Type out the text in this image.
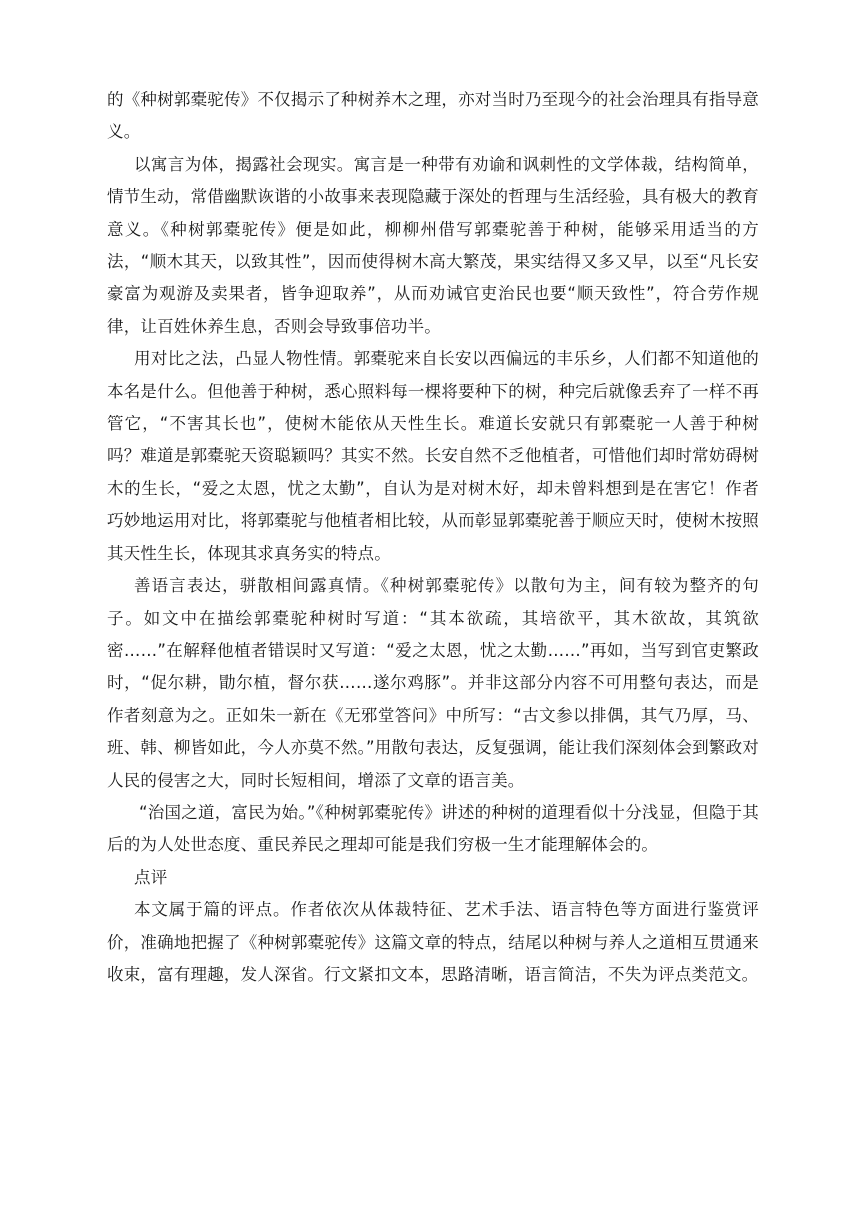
的《种树郭橐驼传》不仅揭示了种树养木之理，亦对当时乃至现今的社会治理具有指导意义。

以寓言为体，揭露社会现实。寓言是一种带有劝谕和讽刺性的文学体裁，结构简单，情节生动，常借幽默诙谐的小故事来表现隐藏于深处的哲理与生活经验，具有极大的教育意义。《种树郭橐驼传》便是如此，柳柳州借写郭橐驼善于种树，能够采用适当的方法，“顺木其天，以致其性”，因而使得树木高大繁茂，果实结得又多又早，以至“凡长安豪富为观游及卖果者，皆争迎取养”，从而劝诫官吏治民也要“顺天致性”，符合劳作规律，让百姓休养生息，否则会导致事倍功半。

用对比之法，凸显人物性情。郭橐驼来自长安以西偏远的丰乐乡，人们都不知道他的本名是什么。但他善于种树，悉心照料每一棵将要种下的树，种完后就像丢弃了一样不再管它，“不害其长也”，使树木能依从天性生长。难道长安就只有郭橐驼一人善于种树吗？难道是郭橐驼天资聪颖吗？其实不然。长安自然不乏他植者，可惜他们却时常妨碍树木的生长，“爱之太恩，忧之太勤”，自认为是对树木好，却未曾料想到是在害它！作者巧妙地运用对比，将郭橐驼与他植者相比较，从而彰显郭橐驼善于顺应天时，使树木按照其天性生长，体现其求真务实的特点。

善语言表达，骈散相间露真情。《种树郭橐驼传》以散句为主，间有较为整齐的句子。如文中在描绘郭橐驼种树时写道：“其本欲疏，其培欲平，其木欲故，其筑欲密……”在解释他植者错误时又写道：“爱之太恩，忧之太勤……”再如，当写到官吏繁政时，“促尔耕，勖尔植，督尔获……遂尔鸡豚”。并非这部分内容不可用整句表达，而是作者刻意为之。正如朱一新在《无邪堂答问》中所写：“古文参以排偶，其气乃厚，马、班、韩、柳皆如此，今人亦莫不然。”用散句表达，反复强调，能让我们深刻体会到繁政对人民的侵害之大，同时长短相间，增添了文章的语言美。

“治国之道，富民为始。”《种树郭橐驼传》讲述的种树的道理看似十分浅显，但隐于其后的为人处世态度、重民养民之理却可能是我们穷极一生才能理解体会的。

点评

本文属于篇的评点。作者依次从体裁特征、艺术手法、语言特色等方面进行鉴赏评价，准确地把握了《种树郭橐驼传》这篇文章的特点，结尾以种树与养人之道相互贯通来收束，富有理趣，发人深省。行文紧扣文本，思路清晰，语言简洁，不失为评点类范文。
